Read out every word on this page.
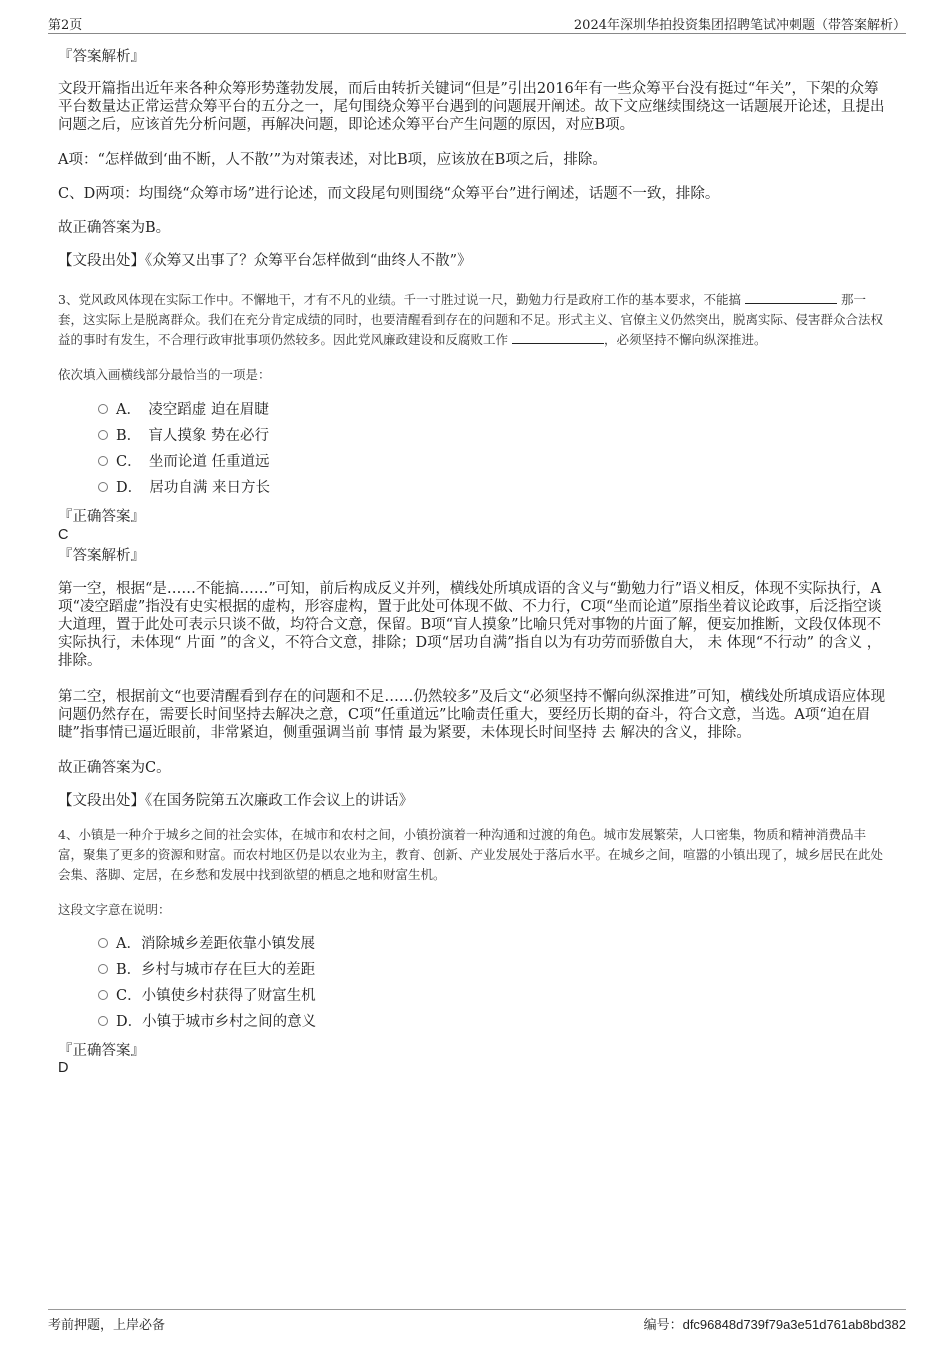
第2页	2024年深圳华拍投资集团招聘笔试冲刺题（带答案解析）

『答案解析』

文段开篇指出近年来各种众筹形势蓬勃发展，而后由转折关键词“但是”引出2016年有一些众筹平台没有挺过“年关”，下架的众筹平台数量达正常运营众筹平台的五分之一，尾句围绕众筹平台遇到的问题展开阐述。故下文应继续围绕这一话题展开论述，且提出问题之后，应该首先分析问题，再解决问题，即论述众筹平台产生问题的原因，对应B项。

A项：“怎样做到‘曲不断，人不散’”为对策表述，对比B项，应该放在B项之后，排除。

C、D两项：均围绕“众筹市场”进行论述，而文段尾句则围绕“众筹平台”进行阐述，话题不一致，排除。

故正确答案为B。

【文段出处】《众筹又出事了？众筹平台怎样做到“曲终人不散”》

3、党风政风体现在实际工作中。不懈地干，才有不凡的业绩。千一寸胜过说一尺，勤勉力行是政府工作的基本要求，不能搞	那一套，这实际上是脱离群众。我们在充分肯定成绩的同时，也要清醒看到存在的问题和不足。形式主义、官僚主义仍然突出，脱离实际、侵害群众合法权益的事时有发生，不合理行政审批事项仍然较多。因此党风廉政建设和反腐败工作	，必须坚持不懈向纵深推进。

依次填入画横线部分最恰当的一项是：

A．　凌空蹈虚 迫在眉睫
B．　盲人摸象 势在必行
C．　坐而论道 任重道远
D．　居功自满 来日方长

『正确答案』

C

『答案解析』

第一空，根据“是……不能搞……”可知，前后构成反义并列，横线处所填成语的含义与“勤勉力行”语义相反，体现不实际执行，A项“凌空蹈虚”指没有史实根据的虚构，形容虚构，置于此处可体现不做、不力行，C项“坐而论道”原指坐着议论政事，后泛指空谈大道理，置于此处可表示只谈不做，均符合文意，保留。B项“盲人摸象”比喻只凭对事物的片面了解，便妄加推断，文段仅体现不实际执行，未体现“ 片面 ”的含义，不符合文意，排除；D项“居功自满”指自以为有功劳而骄傲自大， 未 体现“不行动” 的含义 ，排除。

第二空，根据前文“也要清醒看到存在的问题和不足……仍然较多”及后文“必须坚持不懈向纵深推进”可知，横线处所填成语应体现问题仍然存在，需要长时间坚持去解决之意，C项“任重道远”比喻责任重大，要经历长期的奋斗，符合文意，当选。A项“迫在眉睫”指事情已逼近眼前，非常紧迫，侧重强调当前 事情 最为紧要，未体现长时间坚持 去 解决的含义，排除。

故正确答案为C。

【文段出处】《在国务院第五次廉政工作会议上的讲话》

4、小镇是一种介于城乡之间的社会实体，在城市和农村之间，小镇扮演着一种沟通和过渡的角色。城市发展繁荣，人口密集，物质和精神消费品丰富，聚集了更多的资源和财富。而农村地区仍是以农业为主，教育、创新、产业发展处于落后水平。在城乡之间，喧嚣的小镇出现了，城乡居民在此处会集、落脚、定居，在乡愁和发展中找到欲望的栖息之地和财富生机。

这段文字意在说明：

A．消除城乡差距依靠小镇发展
B．乡村与城市存在巨大的差距
C．小镇使乡村获得了财富生机
D．小镇于城市乡村之间的意义

『正确答案』

D

考前押题，上岸必备	编号：dfc96848d739f79a3e51d761ab8bd382
